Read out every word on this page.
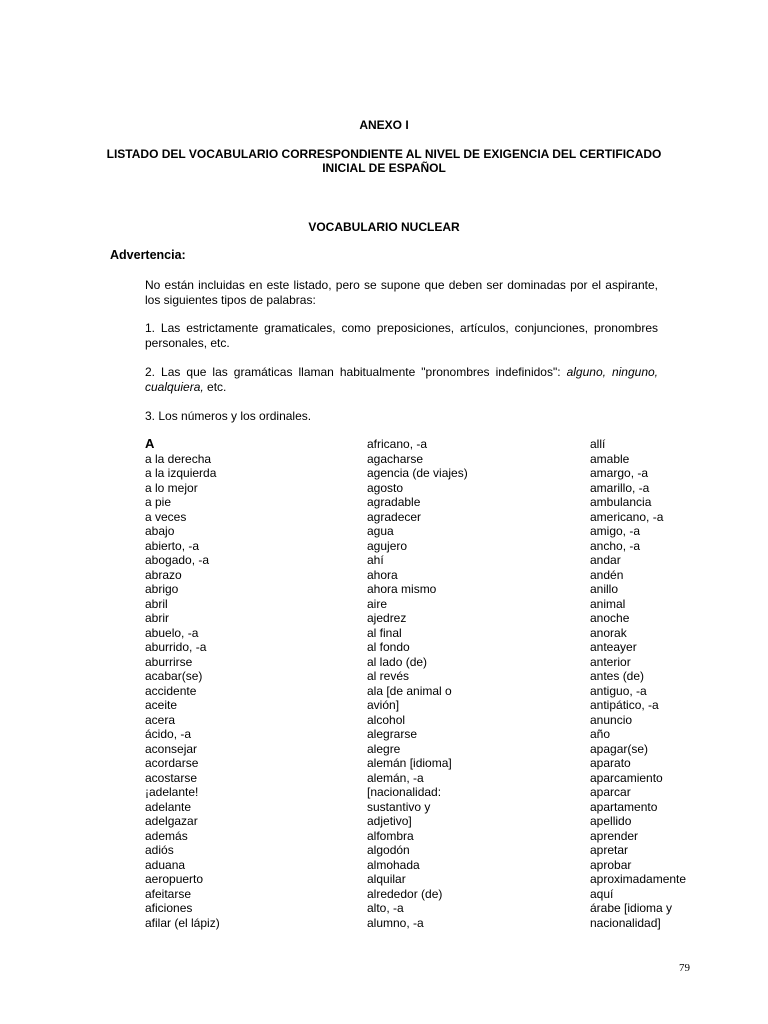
ANEXO I
LISTADO DEL VOCABULARIO CORRESPONDIENTE AL NIVEL DE EXIGENCIA DEL CERTIFICADO INICIAL DE ESPAÑOL
VOCABULARIO NUCLEAR
Advertencia:
No están incluidas en este listado, pero se supone que deben ser dominadas por el aspirante, los siguientes tipos de palabras:
1. Las estrictamente gramaticales, como preposiciones, artículos, conjunciones, pronombres personales, etc.
2. Las que las gramáticas llaman habitualmente "pronombres indefinidos": alguno, ninguno, cualquiera, etc.
3. Los números y los ordinales.
A
a la derecha
a la izquierda
a lo mejor
a pie
a veces
abajo
abierto, -a
abogado, -a
abrazo
abrigo
abril
abrir
abuelo, -a
aburrido, -a
aburrirse
acabar(se)
accidente
aceite
acera
ácido, -a
aconsejar
acordarse
acostarse
¡adelante!
adelante
adelgazar
además
adiós
aduana
aeropuerto
afeitarse
aficiones
afilar (el lápiz)
africano, -a
agacharse
agencia (de viajes)
agosto
agradable
agradecer
agua
agujero
ahí
ahora
ahora mismo
aire
ajedrez
al final
al fondo
al lado (de)
al revés
ala [de animal o
avión]
alcohol
alegrarse
alegre
alemán [idioma]
alemán, -a
[nacionalidad:
sustantivo y
adjetivo]
alfombra
algodón
almohada
alquilar
alrededor (de)
alto, -a
alumno, -a
allí
amable
amargo, -a
amarillo, -a
ambulancia
americano, -a
amigo, -a
ancho, -a
andar
andén
anillo
animal
anoche
anorak
anteayer
anterior
antes (de)
antiguo, -a
antipático, -a
anuncio
año
apagar(se)
aparato
aparcamiento
aparcar
apartamento
apellido
aprender
apretar
aprobar
aproximadamente
aquí
árabe [idioma y
nacionalidad]
79
